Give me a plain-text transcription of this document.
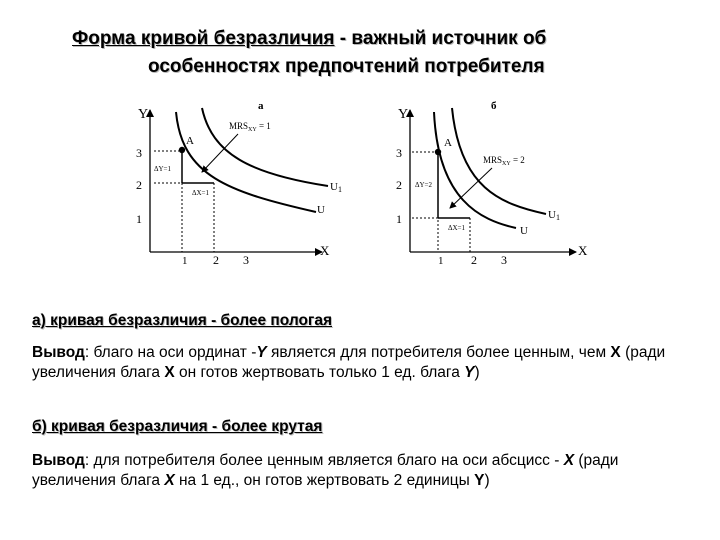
Форма кривой безразличия - важный источник об
особенностях предпочтений потребителя
Y
X
а
3
2
1
1 2 3
A
ΔY=1
ΔX=1
$MRS_{XY} = 1$
U1
U
Y
X
б
3
2
1
1 2 3
A
ΔY=2
ΔX=1
$MRS_{XY} = 2$
U1
U
а) кривая безразличия - более пологая
Вывод: благо на оси ординат -Y является для потребителя более ценным, чем X (ради увеличения блага X он готов жертвовать только 1 ед. блага Y)
б) кривая безразличия - более крутая
Вывод: для потребителя более ценным является благо на оси абсцисс - X (ради увеличения блага X на 1 ед., он готов жертвовать 2 единицы Y)
